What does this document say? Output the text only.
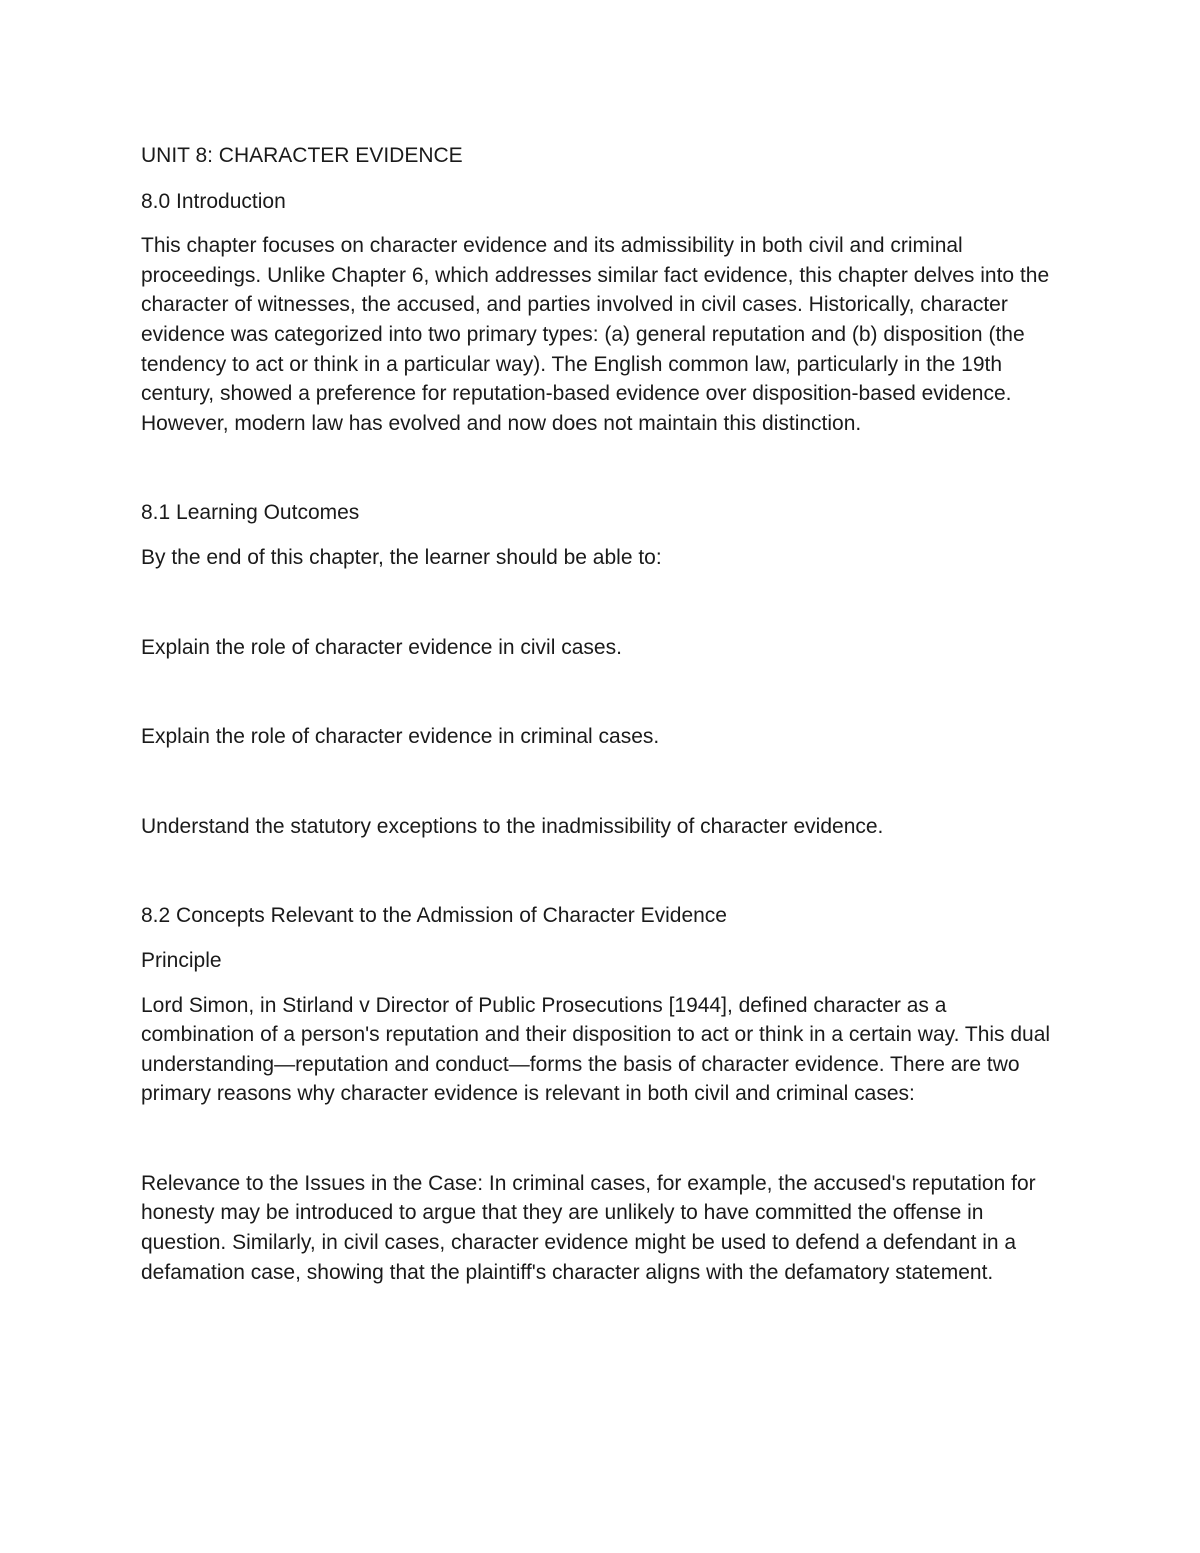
UNIT 8: CHARACTER EVIDENCE

8.0 Introduction

This chapter focuses on character evidence and its admissibility in both civil and criminal proceedings. Unlike Chapter 6, which addresses similar fact evidence, this chapter delves into the character of witnesses, the accused, and parties involved in civil cases. Historically, character evidence was categorized into two primary types: (a) general reputation and (b) disposition (the tendency to act or think in a particular way). The English common law, particularly in the 19th century, showed a preference for reputation-based evidence over disposition-based evidence. However, modern law has evolved and now does not maintain this distinction.

8.1 Learning Outcomes

By the end of this chapter, the learner should be able to:

Explain the role of character evidence in civil cases.

Explain the role of character evidence in criminal cases.

Understand the statutory exceptions to the inadmissibility of character evidence.

8.2 Concepts Relevant to the Admission of Character Evidence

Principle

Lord Simon, in Stirland v Director of Public Prosecutions [1944], defined character as a combination of a person's reputation and their disposition to act or think in a certain way. This dual understanding—reputation and conduct—forms the basis of character evidence. There are two primary reasons why character evidence is relevant in both civil and criminal cases:

Relevance to the Issues in the Case: In criminal cases, for example, the accused's reputation for honesty may be introduced to argue that they are unlikely to have committed the offense in question. Similarly, in civil cases, character evidence might be used to defend a defendant in a defamation case, showing that the plaintiff's character aligns with the defamatory statement.
